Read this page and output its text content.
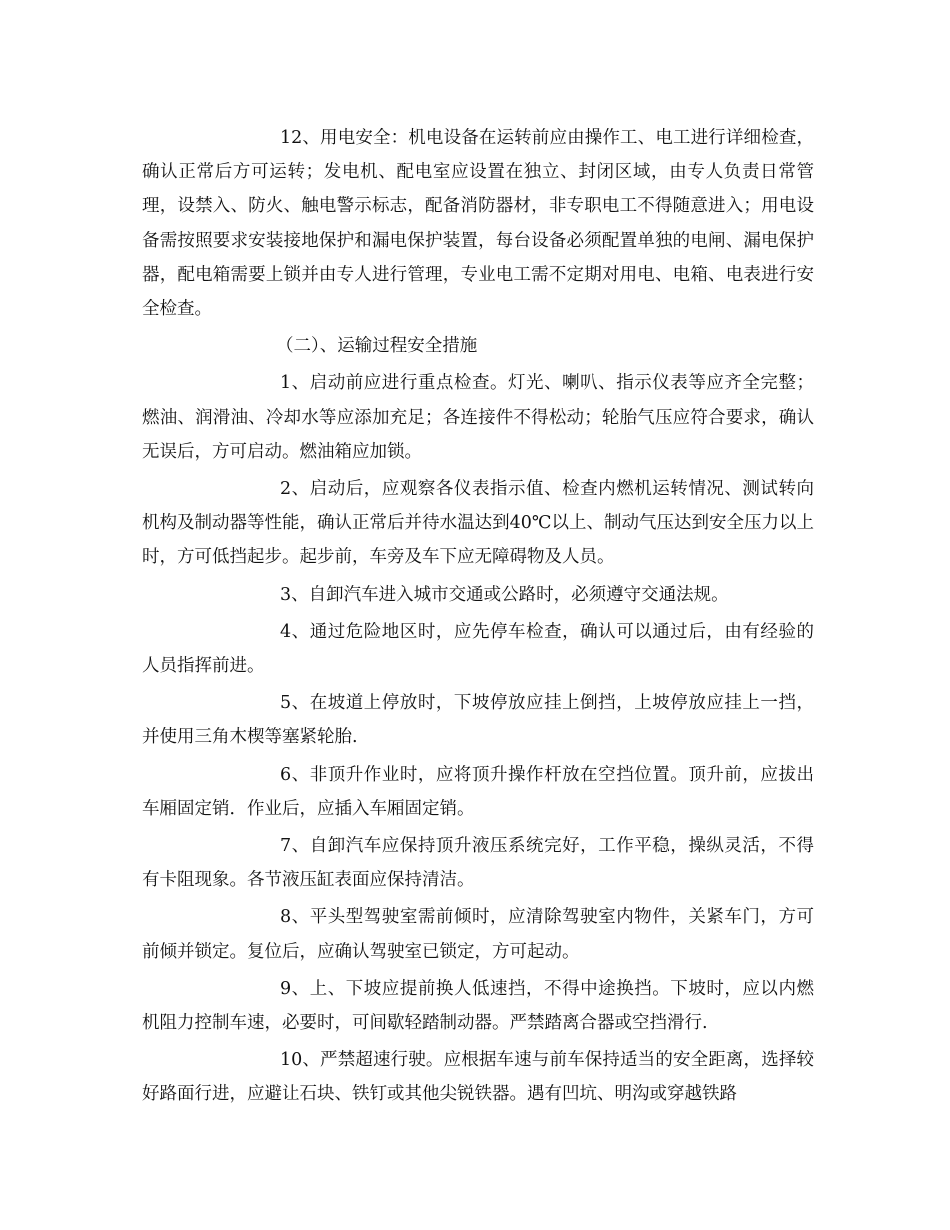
12、用电安全：机电设备在运转前应由操作工、电工进行详细检查，确认正常后方可运转；发电机、配电室应设置在独立、封闭区域，由专人负责日常管理，设禁入、防火、触电警示标志，配备消防器材，非专职电工不得随意进入；用电设备需按照要求安装接地保护和漏电保护装置，每台设备必须配置单独的电闸、漏电保护器，配电箱需要上锁并由专人进行管理，专业电工需不定期对用电、电箱、电表进行安全检查。

（二）、运输过程安全措施

1、启动前应进行重点检查。灯光、喇叭、指示仪表等应齐全完整；燃油、润滑油、冷却水等应添加充足；各连接件不得松动；轮胎气压应符合要求，确认无误后，方可启动。燃油箱应加锁。

2、启动后，应观察各仪表指示值、检查内燃机运转情况、测试转向机构及制动器等性能，确认正常后并待水温达到40℃以上、制动气压达到安全压力以上时，方可低挡起步。起步前，车旁及车下应无障碍物及人员。

3、自卸汽车进入城市交通或公路时，必须遵守交通法规。

4、通过危险地区时，应先停车检查，确认可以通过后，由有经验的人员指挥前进。

5、在坡道上停放时，下坡停放应挂上倒挡，上坡停放应挂上一挡，并使用三角木楔等塞紧轮胎.

6、非顶升作业时，应将顶升操作杆放在空挡位置。顶升前，应拔出车厢固定销．作业后，应插入车厢固定销。

7、自卸汽车应保持顶升液压系统完好，工作平稳，操纵灵活，不得有卡阻现象。各节液压缸表面应保持清洁。

8、平头型驾驶室需前倾时，应清除驾驶室内物件，关紧车门，方可前倾并锁定。复位后，应确认驾驶室已锁定，方可起动。

9、上、下坡应提前换人低速挡，不得中途换挡。下坡时，应以内燃机阻力控制车速，必要时，可间歇轻踏制动器。严禁踏离合器或空挡滑行.

10、严禁超速行驶。应根据车速与前车保持适当的安全距离，选择较好路面行进，应避让石块、铁钉或其他尖锐铁器。遇有凹坑、明沟或穿越铁路
